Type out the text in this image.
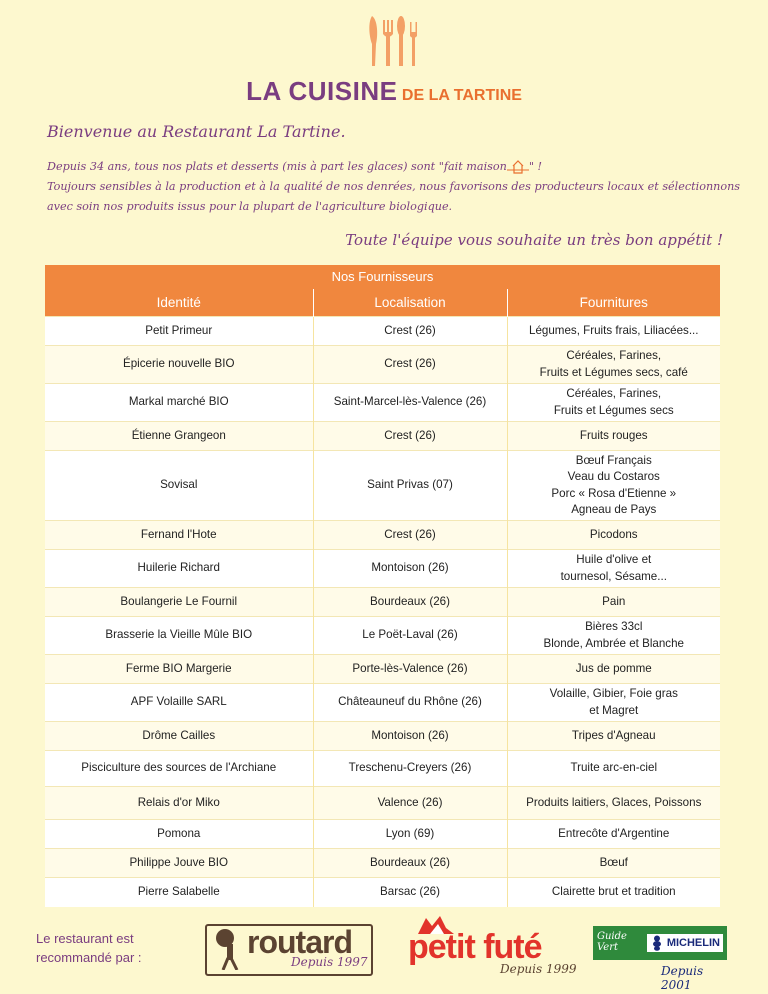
LA CUISINE DE LA TARTINE
Bienvenue au Restaurant La Tartine.
Depuis 34 ans, tous nos plats et desserts (mis à part les glaces) sont "fait maison " !
Toujours sensibles à la production et à la qualité de nos denrées, nous favorisons des producteurs locaux et sélectionnons
avec soin nos produits issus pour la plupart de l'agriculture biologique.
Toute l'équipe vous souhaite un très bon appétit !
Nos Fournisseurs
Identité	Localisation	Fournitures
Petit Primeur	Crest (26)	Légumes, Fruits frais, Liliacées...
Épicerie nouvelle BIO	Crest (26)	Céréales, Farines,
Fruits et Légumes secs, café
Markal marché BIO	Saint-Marcel-lès-Valence (26)	Céréales, Farines,
Fruits et Légumes secs
Étienne Grangeon	Crest (26)	Fruits rouges
Sovisal	Saint Privas (07)	Bœuf Français
Veau du Costaros
Porc « Rosa d'Etienne »
Agneau de Pays
Fernand l'Hote	Crest (26)	Picodons
Huilerie Richard	Montoison (26)	Huile d'olive et
tournesol, Sésame...
Boulangerie Le Fournil	Bourdeaux (26)	Pain
Brasserie la Vieille Mûle BIO	Le Poët-Laval (26)	Bières 33cl
Blonde, Ambrée et Blanche
Ferme BIO Margerie	Porte-lès-Valence (26)	Jus de pomme
APF Volaille SARL	Châteauneuf du Rhône (26)	Volaille, Gibier, Foie gras
et Magret
Drôme Cailles	Montoison (26)	Tripes d'Agneau
Pisciculture des sources de l'Archiane	Treschenu-Creyers (26)	Truite arc-en-ciel
Relais d'or Miko	Valence (26)	Produits laitiers, Glaces, Poissons
Pomona	Lyon (69)	Entrecôte d'Argentine
Philippe Jouve BIO	Bourdeaux (26)	Bœuf
Pierre Salabelle	Barsac (26)	Clairette brut et tradition
Le restaurant est
recommandé par :	routard
Depuis 1997 petit futé
Depuis 1999
Guide
Vert	MICHELIN
Depuis 2001
